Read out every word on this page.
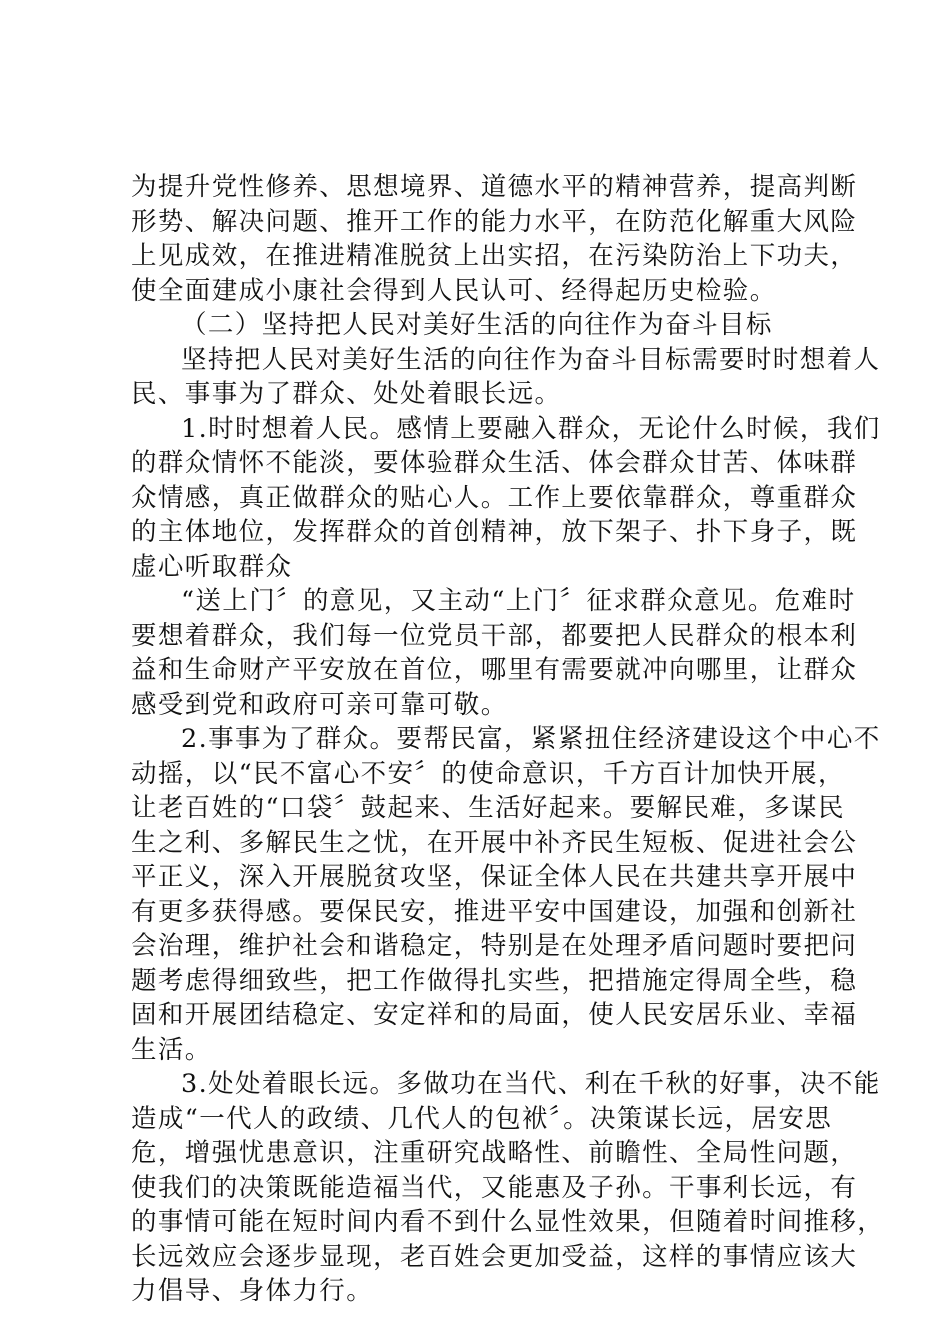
为提升党性修养、思想境界、道德水平的精神营养，提高判断
形势、解决问题、推开工作的能力水平，在防范化解重大风险
上见成效，在推进精准脱贫上出实招，在污染防治上下功夫，
使全面建成小康社会得到人民认可、经得起历史检验。
（二）坚持把人民对美好生活的向往作为奋斗目标
坚持把人民对美好生活的向往作为奋斗目标需要时时想着人
民、事事为了群众、处处着眼长远。
1.时时想着人民。感情上要融入群众，无论什么时候，我们
的群众情怀不能淡，要体验群众生活、体会群众甘苦、体味群
众情感，真正做群众的贴心人。工作上要依靠群众，尊重群众
的主体地位，发挥群众的首创精神，放下架子、扑下身子，既
虚心听取群众
“送上门〞的意见，又主动“上门〞征求群众意见。危难时
要想着群众，我们每一位党员干部，都要把人民群众的根本利
益和生命财产平安放在首位，哪里有需要就冲向哪里，让群众
感受到党和政府可亲可靠可敬。
2.事事为了群众。要帮民富，紧紧扭住经济建设这个中心不
动摇，以“民不富心不安〞的使命意识，千方百计加快开展，
让老百姓的“口袋〞鼓起来、生活好起来。要解民难，多谋民
生之利、多解民生之忧，在开展中补齐民生短板、促进社会公
平正义，深入开展脱贫攻坚，保证全体人民在共建共享开展中
有更多获得感。要保民安，推进平安中国建设，加强和创新社
会治理，维护社会和谐稳定，特别是在处理矛盾问题时要把问
题考虑得细致些，把工作做得扎实些，把措施定得周全些，稳
固和开展团结稳定、安定祥和的局面，使人民安居乐业、幸福
生活。
3.处处着眼长远。多做功在当代、利在千秋的好事，决不能
造成“一代人的政绩、几代人的包袱〞。决策谋长远，居安思
危，增强忧患意识，注重研究战略性、前瞻性、全局性问题，
使我们的决策既能造福当代，又能惠及子孙。干事利长远，有
的事情可能在短时间内看不到什么显性效果，但随着时间推移，
长远效应会逐步显现，老百姓会更加受益，这样的事情应该大
力倡导、身体力行。
